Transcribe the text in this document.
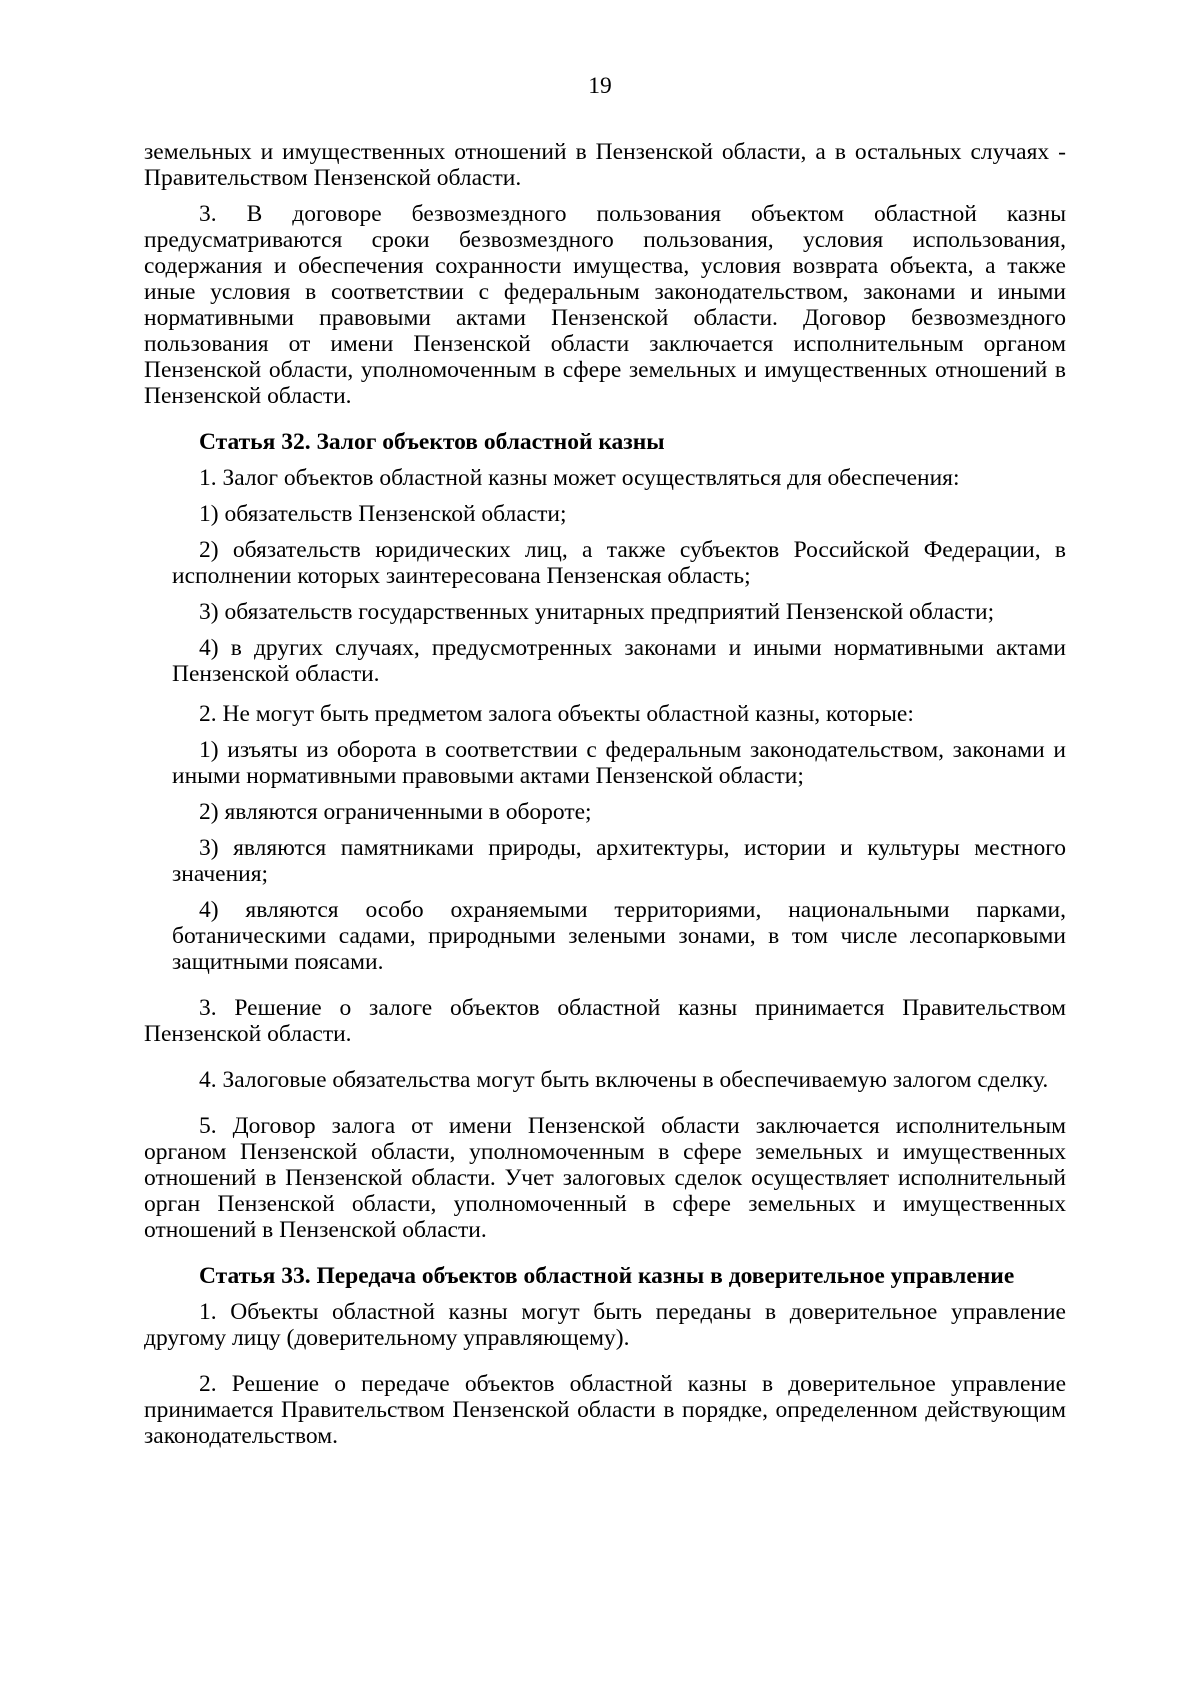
19

земельных и имущественных отношений в Пензенской области, а в остальных случаях - Правительством Пензенской области.

3. В договоре безвозмездного пользования объектом областной казны предусматриваются сроки безвозмездного пользования, условия использования, содержания и обеспечения сохранности имущества, условия возврата объекта, а также иные условия в соответствии с федеральным законодательством, законами и иными нормативными правовыми актами Пензенской области. Договор безвозмездного пользования от имени Пензенской области заключается исполнительным органом Пензенской области, уполномоченным в сфере земельных и имущественных отношений в Пензенской области.

Статья 32. Залог объектов областной казны

1. Залог объектов областной казны может осуществляться для обеспечения:

1) обязательств Пензенской области;

2) обязательств юридических лиц, а также субъектов Российской Федерации, в исполнении которых заинтересована Пензенская область;

3) обязательств государственных унитарных предприятий Пензенской области;

4) в других случаях, предусмотренных законами и иными нормативными актами Пензенской области.

2. Не могут быть предметом залога объекты областной казны, которые:

1) изъяты из оборота в соответствии с федеральным законодательством, законами и иными нормативными правовыми актами Пензенской области;

2) являются ограниченными в обороте;

3) являются памятниками природы, архитектуры, истории и культуры местного значения;

4) являются особо охраняемыми территориями, национальными парками, ботаническими садами, природными зелеными зонами, в том числе лесопарковыми защитными поясами.

3. Решение о залоге объектов областной казны принимается Правительством Пензенской области.

4. Залоговые обязательства могут быть включены в обеспечиваемую залогом сделку.

5. Договор залога от имени Пензенской области заключается исполнительным органом Пензенской области, уполномоченным в сфере земельных и имущественных отношений в Пензенской области. Учет залоговых сделок осуществляет исполнительный орган Пензенской области, уполномоченный в сфере земельных и имущественных отношений в Пензенской области.

Статья 33. Передача объектов областной казны в доверительное управление

1. Объекты областной казны могут быть переданы в доверительное управление другому лицу (доверительному управляющему).

2. Решение о передаче объектов областной казны в доверительное управление принимается Правительством Пензенской области в порядке, определенном действующим законодательством.
